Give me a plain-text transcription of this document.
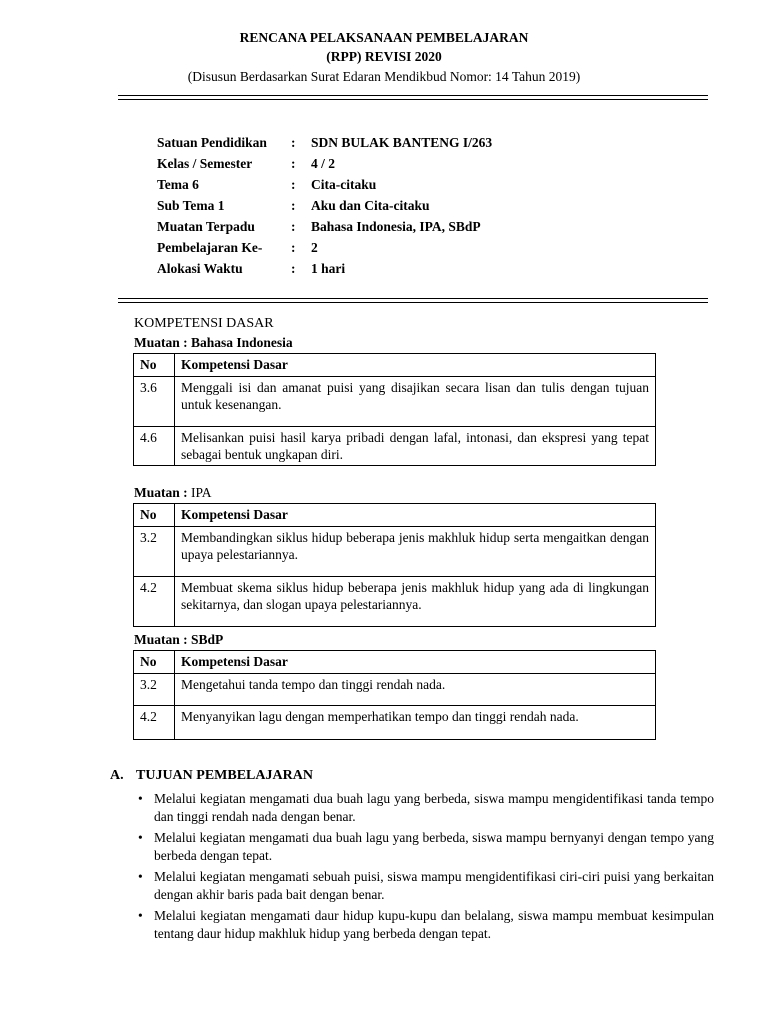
RENCANA PELAKSANAAN PEMBELAJARAN
(RPP) REVISI 2020
(Disusun Berdasarkan Surat Edaran Mendikbud Nomor: 14 Tahun 2019)
Satuan Pendidikan : SDN BULAK BANTENG I/263
Kelas / Semester	: 4 / 2
Tema 6	: Cita-citaku
Sub Tema 1	: Aku dan Cita-citaku
Muatan Terpadu	: Bahasa Indonesia, IPA, SBdP
Pembelajaran Ke- : 2
Alokasi Waktu	: 1 hari
KOMPETENSI DASAR
Muatan : Bahasa Indonesia
No	Kompetensi Dasar
3.6	Menggali isi dan amanat puisi yang disajikan secara lisan dan tulis dengan tujuan untuk kesenangan.
4.6	Melisankan puisi hasil karya pribadi dengan lafal, intonasi, dan ekspresi yang tepat sebagai bentuk ungkapan diri.
Muatan : IPA
No	Kompetensi Dasar
3.2	Membandingkan siklus hidup beberapa jenis makhluk hidup serta mengaitkan dengan upaya pelestariannya.
4.2	Membuat skema siklus hidup beberapa jenis makhluk hidup yang ada di lingkungan sekitarnya, dan slogan upaya pelestariannya.
Muatan : SBdP
No	Kompetensi Dasar
3.2	Mengetahui tanda tempo dan tinggi rendah nada.
4.2	Menyanyikan lagu dengan memperhatikan tempo dan tinggi rendah nada.
A. TUJUAN PEMBELAJARAN
• Melalui kegiatan mengamati dua buah lagu yang berbeda, siswa mampu mengidentifikasi tanda tempo dan tinggi rendah nada dengan benar.
• Melalui kegiatan mengamati dua buah lagu yang berbeda, siswa mampu bernyanyi dengan tempo yang berbeda dengan tepat.
• Melalui kegiatan mengamati sebuah puisi, siswa mampu mengidentifikasi ciri-ciri puisi yang berkaitan dengan akhir baris pada bait dengan benar.
• Melalui kegiatan mengamati daur hidup kupu-kupu dan belalang, siswa mampu membuat kesimpulan tentang daur hidup makhluk hidup yang berbeda dengan tepat.
